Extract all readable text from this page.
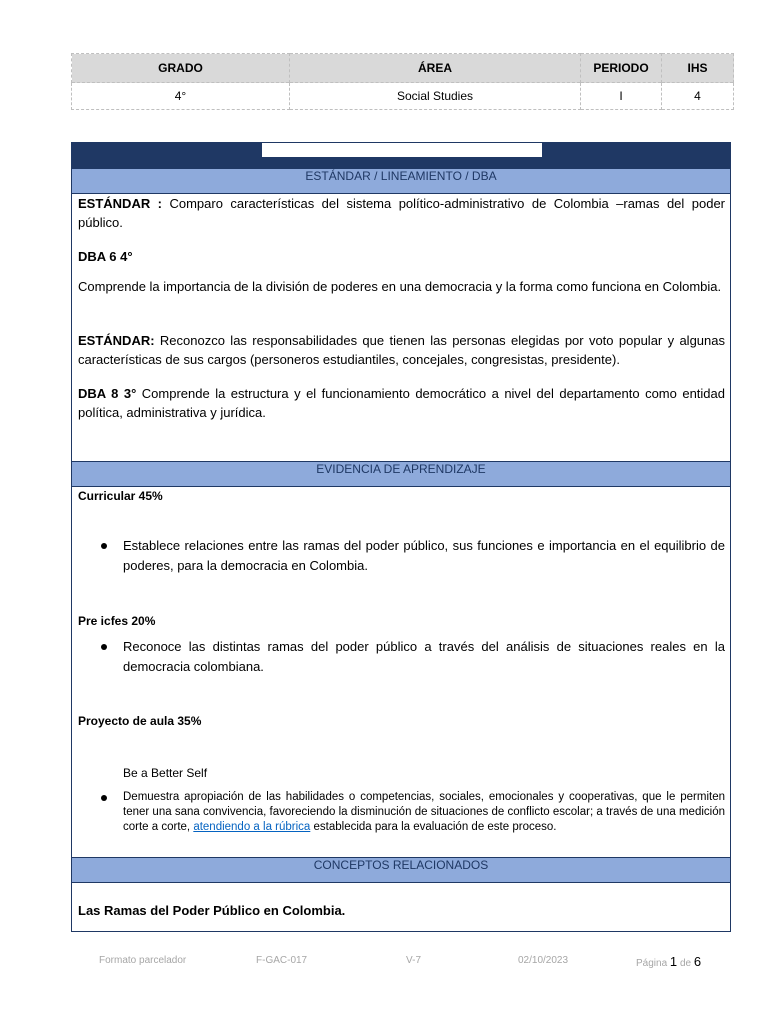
GRADO	ÁREA	PERIODO	IHS
4°	Social Studies	I	4
ESTÁNDAR / LINEAMIENTO / DBA

ESTÁNDAR : Comparo características del sistema político-administrativo de Colombia –ramas del poder público.

DBA 6 4°

Comprende la importancia de la división de poderes en una democracia y la forma como funciona en Colombia.

ESTÁNDAR: Reconozco las responsabilidades que tienen las personas elegidas por voto popular y algunas características de sus cargos (personeros estudiantiles, concejales, congresistas, presidente).

DBA 8 3° Comprende la estructura y el funcionamiento democrático a nivel del departamento como entidad política, administrativa y jurídica.

EVIDENCIA DE APRENDIZAJE
Curricular 45%
Establece relaciones entre las ramas del poder público, sus funciones e importancia en el equilibrio de poderes, para la democracia en Colombia.
Pre icfes 20%
Reconoce las distintas ramas del poder público a través del análisis de situaciones reales en la democracia colombiana.
Proyecto de aula 35%
Be a Better Self
Demuestra apropiación de las habilidades o competencias, sociales, emocionales y cooperativas, que le permiten tener una sana convivencia, favoreciendo la disminución de situaciones de conflicto escolar; a través de una medición corte a corte, atendiendo a la rúbrica establecida para la evaluación de este proceso.
CONCEPTOS RELACIONADOS
Las Ramas del Poder Público en Colombia.
Formato parcelador	F-GAC-017	V-7	02/10/2023	Página 1 de 6
